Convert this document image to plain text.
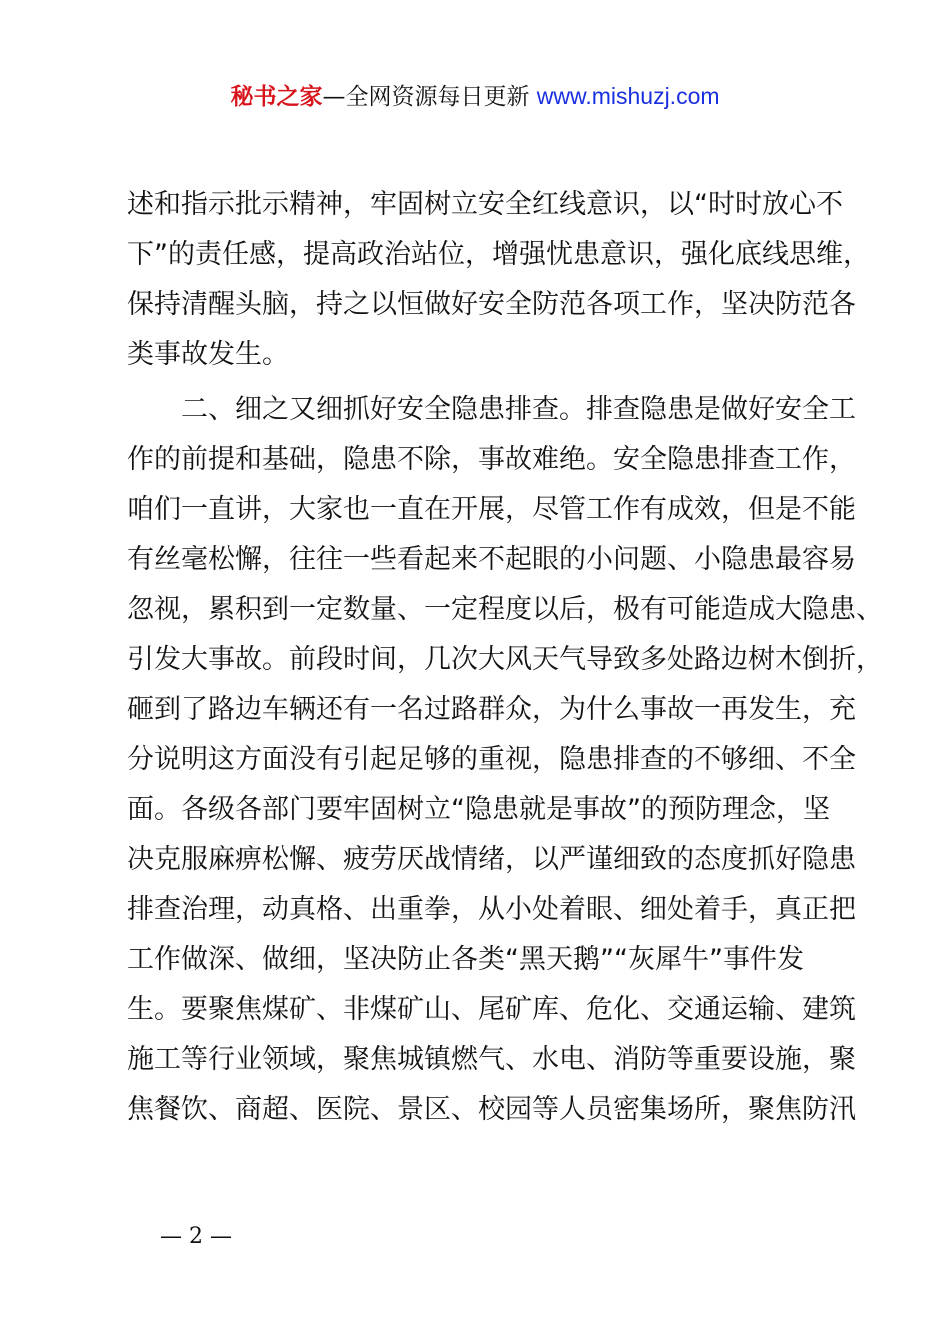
秘书之家—全网资源每日更新 www.mishuzj.com
述和指示批示精神，牢固树立安全红线意识，以“时时放心不
下”的责任感，提高政治站位，增强忧患意识，强化底线思维，
保持清醒头脑，持之以恒做好安全防范各项工作，坚决防范各
类事故发生。
　　二、细之又细抓好安全隐患排查。排查隐患是做好安全工
作的前提和基础，隐患不除，事故难绝。安全隐患排查工作，
咱们一直讲，大家也一直在开展，尽管工作有成效，但是不能
有丝毫松懈，往往一些看起来不起眼的小问题、小隐患最容易
忽视，累积到一定数量、一定程度以后，极有可能造成大隐患、
引发大事故。前段时间，几次大风天气导致多处路边树木倒折，
砸到了路边车辆还有一名过路群众，为什么事故一再发生，充
分说明这方面没有引起足够的重视，隐患排查的不够细、不全
面。各级各部门要牢固树立“隐患就是事故”的预防理念，坚
决克服麻痹松懈、疲劳厌战情绪，以严谨细致的态度抓好隐患
排查治理，动真格、出重拳，从小处着眼、细处着手，真正把
工作做深、做细，坚决防止各类“黑天鹅”“灰犀牛”事件发
生。要聚焦煤矿、非煤矿山、尾矿库、危化、交通运输、建筑
施工等行业领域，聚焦城镇燃气、水电、消防等重要设施，聚
焦餐饮、商超、医院、景区、校园等人员密集场所，聚焦防汛
— 2 —
